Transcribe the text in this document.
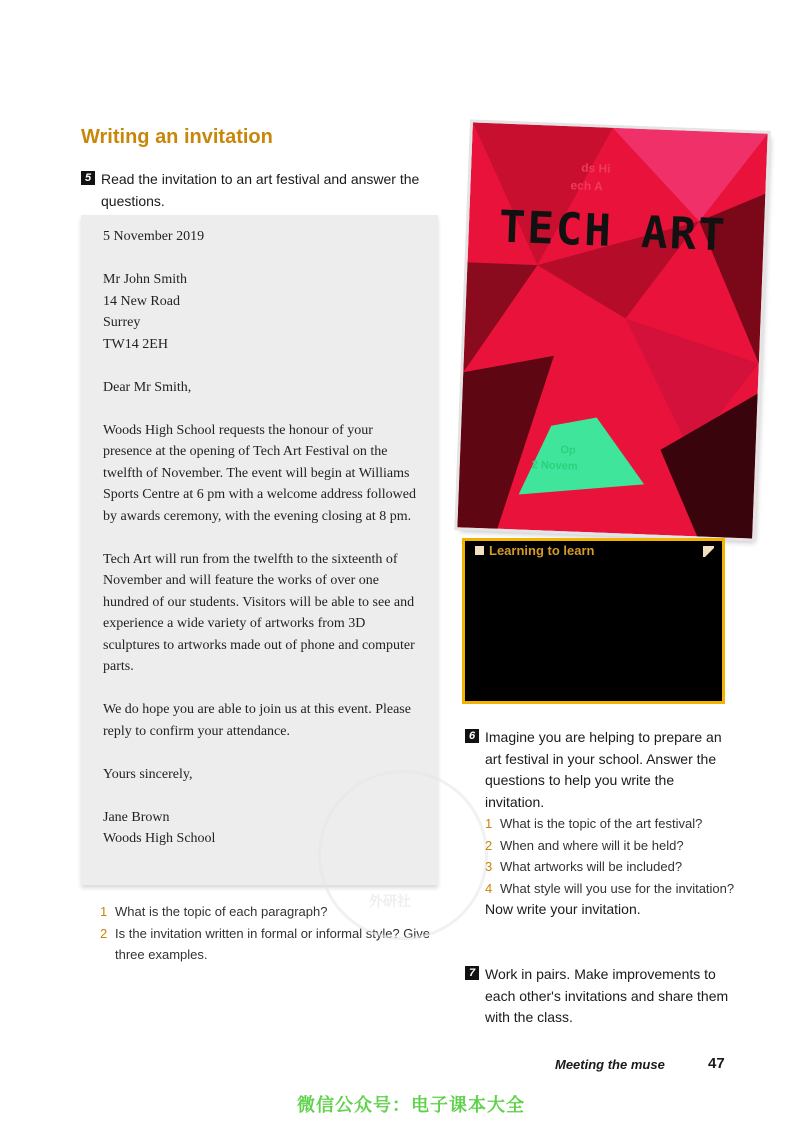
Writing an invitation
5 Read the invitation to an art festival and answer the questions.

5 November 2019

Mr John Smith
14 New Road
Surrey
TW14 2EH

Dear Mr Smith,

Woods High School requests the honour of your presence at the opening of Tech Art Festival on the twelfth of November. The event will begin at Williams Sports Centre at 6 pm with a welcome address followed by awards ceremony, with the evening closing at 8 pm.

Tech Art will run from the twelfth to the sixteenth of November and will feature the works of over one hundred of our students. Visitors will be able to see and experience a wide variety of artworks from 3D sculptures to artworks made out of phone and computer parts.

We do hope you are able to join us at this event. Please reply to confirm your attendance.

Yours sincerely,

Jane Brown
Woods High School

1 What is the topic of each paragraph?
2 Is the invitation written in formal or informal style? Give three examples.
TECH ART
ds Hi
ech A
Op
2 Novem
Learning to learn
外研社
6 Imagine you are helping to prepare an art festival in your school. Answer the questions to help you write the invitation.
1 What is the topic of the art festival?
2 When and where will it be held?
3 What artworks will be included?
4 What style will you use for the invitation?
Now write your invitation.
7 Work in pairs. Make improvements to each other's invitations and share them with the class.
Meeting the muse	47
微信公众号：电子课本大全
